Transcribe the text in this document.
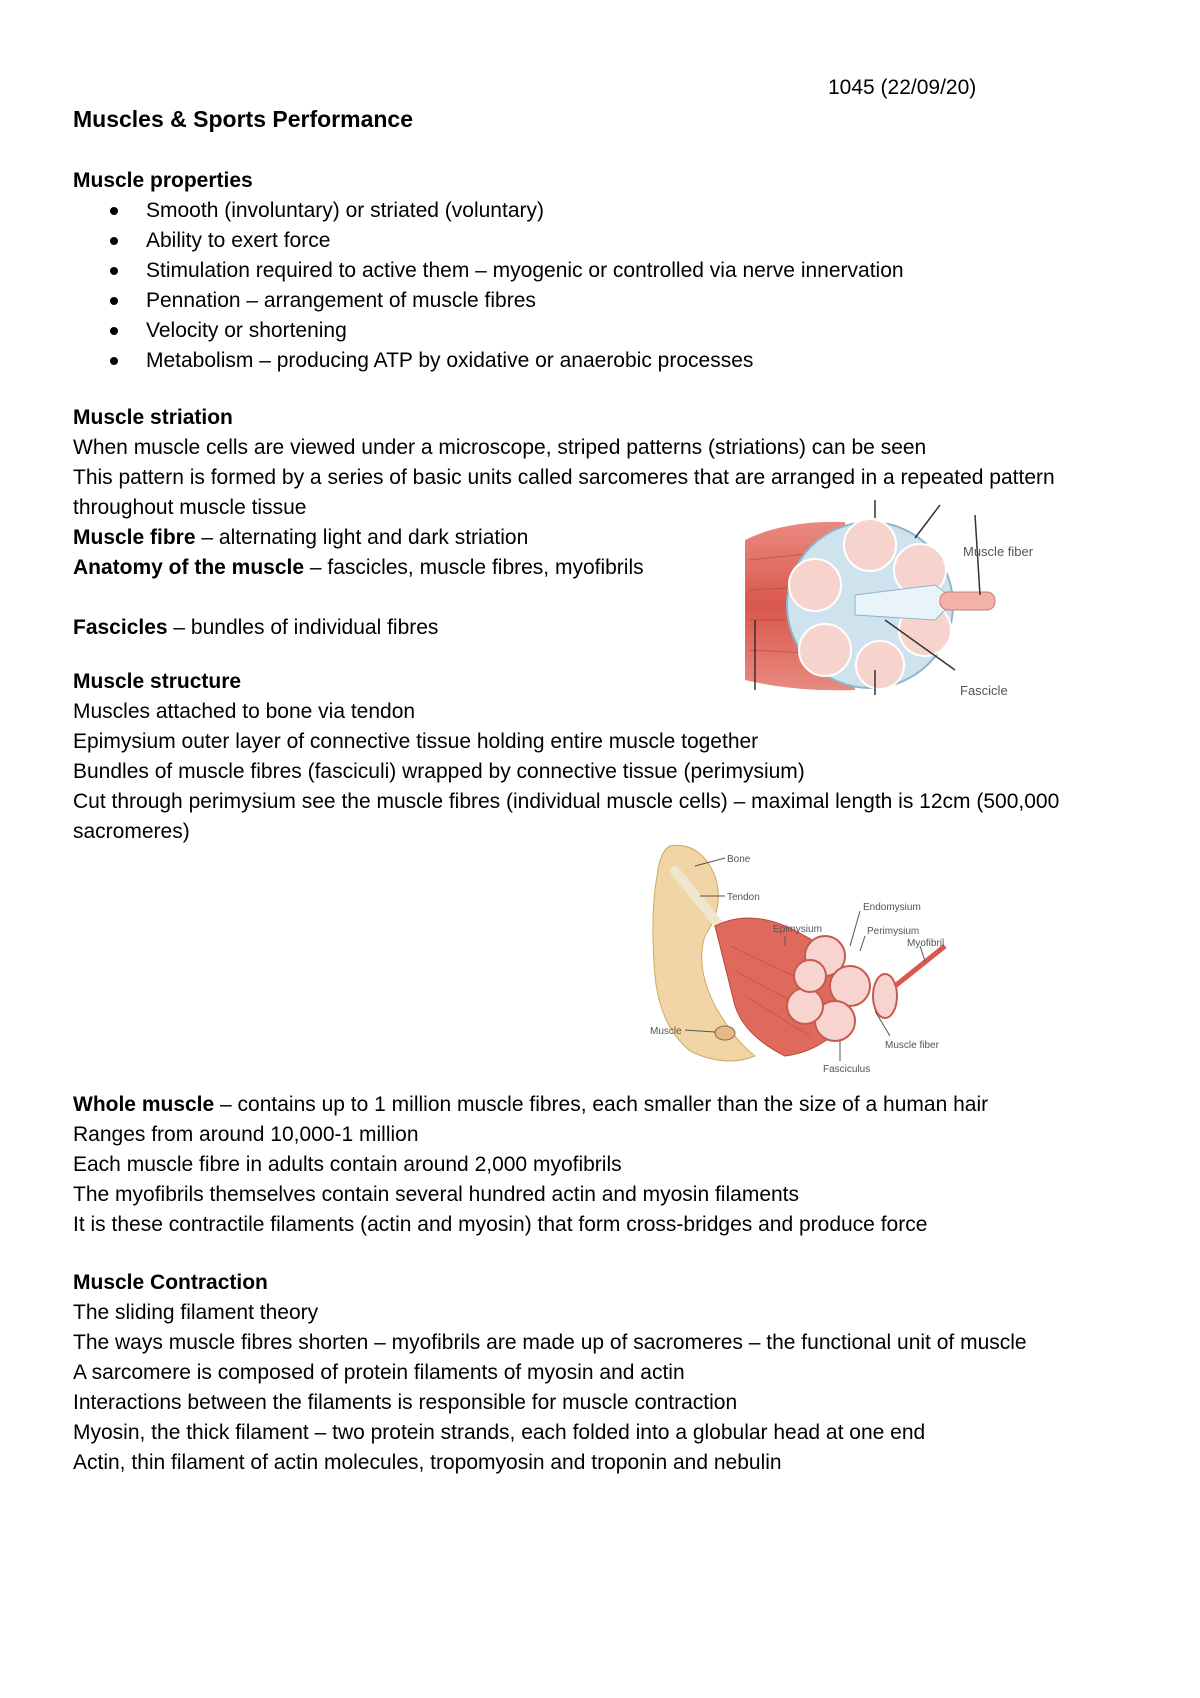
1045 (22/09/20)
Muscles & Sports Performance
Muscle properties
Smooth (involuntary) or striated (voluntary)
Ability to exert force
Stimulation required to active them – myogenic or controlled via nerve innervation
Pennation – arrangement of muscle fibres
Velocity or shortening
Metabolism – producing ATP by oxidative or anaerobic processes
Muscle striation
When muscle cells are viewed under a microscope, striped patterns (striations) can be seen
This pattern is formed by a series of basic units called sarcomeres that are arranged in a repeated pattern throughout muscle tissue
Muscle fibre – alternating light and dark striation
Anatomy of the muscle – fascicles, muscle fibres, myofibrils
Fascicles – bundles of individual fibres
Muscle fiber
Fascicle
Muscle structure
Muscles attached to bone via tendon
Epimysium outer layer of connective tissue holding entire muscle together
Bundles of muscle fibres (fasciculi) wrapped by connective tissue (perimysium)
Cut through perimysium see the muscle fibres (individual muscle cells) – maximal length is 12cm (500,000 sacromeres)
Bone
Tendon
Epimysium
Endomysium
Perimysium
Myofibril
Muscle
Muscle fiber
Fasciculus
Whole muscle – contains up to 1 million muscle fibres, each smaller than the size of a human hair
Ranges from around 10,000-1 million
Each muscle fibre in adults contain around 2,000 myofibrils
The myofibrils themselves contain several hundred actin and myosin filaments
It is these contractile filaments (actin and myosin) that form cross-bridges and produce force
Muscle Contraction
The sliding filament theory
The ways muscle fibres shorten – myofibrils are made up of sacromeres – the functional unit of muscle
A sarcomere is composed of protein filaments of myosin and actin
Interactions between the filaments is responsible for muscle contraction
Myosin, the thick filament – two protein strands, each folded into a globular head at one end
Actin, thin filament of actin molecules, tropomyosin and troponin and nebulin
